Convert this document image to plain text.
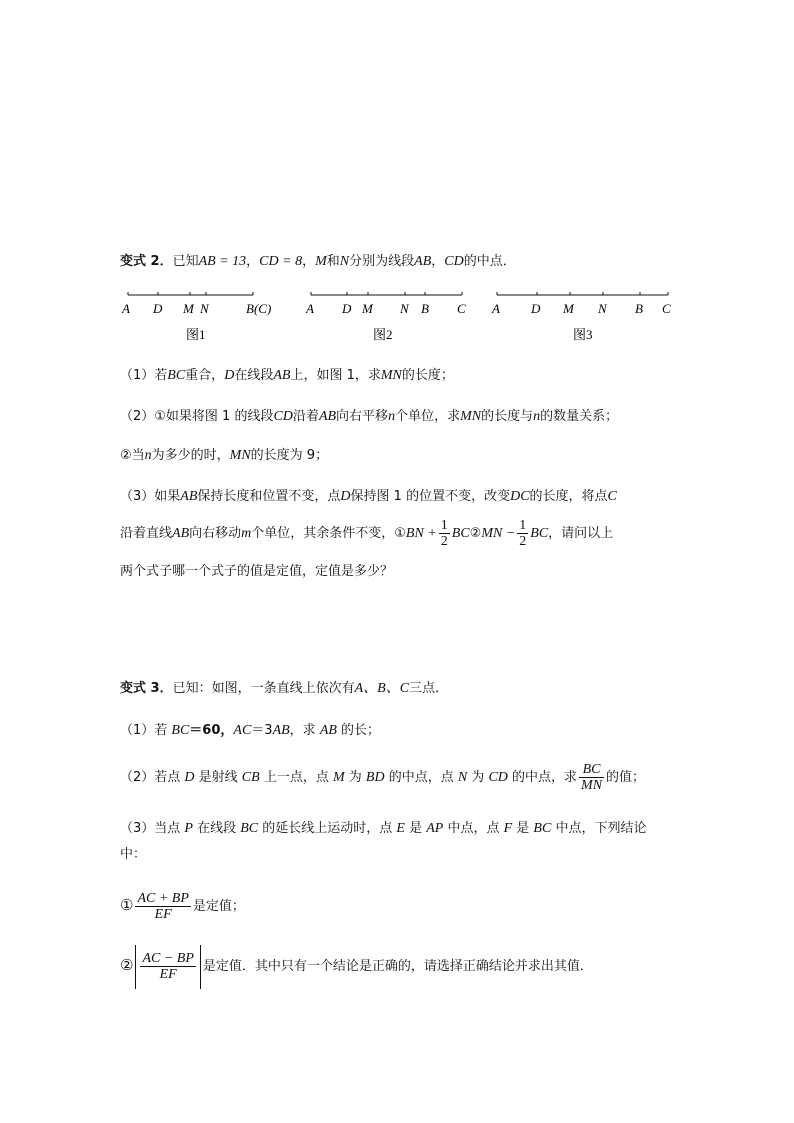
变式 2．已知AB = 13，CD = 8，M和N分别为线段AB，CD的中点．
A D M N	B(C)
图1
A D M N B C
图2
A D M N B C
图3
（1）若BC重合，D在线段AB上，如图 1，求MN的长度；
（2）①如果将图 1 的线段CD沿着AB向右平移n个单位，求MN的长度与n的数量关系；
②当n为多少的时，MN的长度为 9；
（3）如果AB保持长度和位置不变，点D保持图 1 的位置不变，改变DC的长度，将点C
沿着直线AB向右移动m个单位，其余条件不变，①BN + $\frac{1}{2}$ BC②MN − $\frac{1}{2}$ BC，请问以上
两个式子哪一个式子的值是定值，定值是多少？
变式 3．已知：如图，一条直线上依次有A、B、C三点．
（1）若 BC＝60，AC＝3AB，求 AB 的长；
（2）若点 D 是射线 CB 上一点，点 M 为 BD 的中点，点 N 为 CD 的中点，求 $\frac{BC}{MN}$ 的值；
（3）当点 P 在线段 BC 的延长线上运动时，点 E 是 AP 中点，点 F 是 BC 中点，下列结论
中：
① $\frac{AC + BP}{EF}$ 是定值；
② $\frac{AC - BP}{EF}$ 是定值．其中只有一个结论是正确的，请选择正确结论并求出其值．
